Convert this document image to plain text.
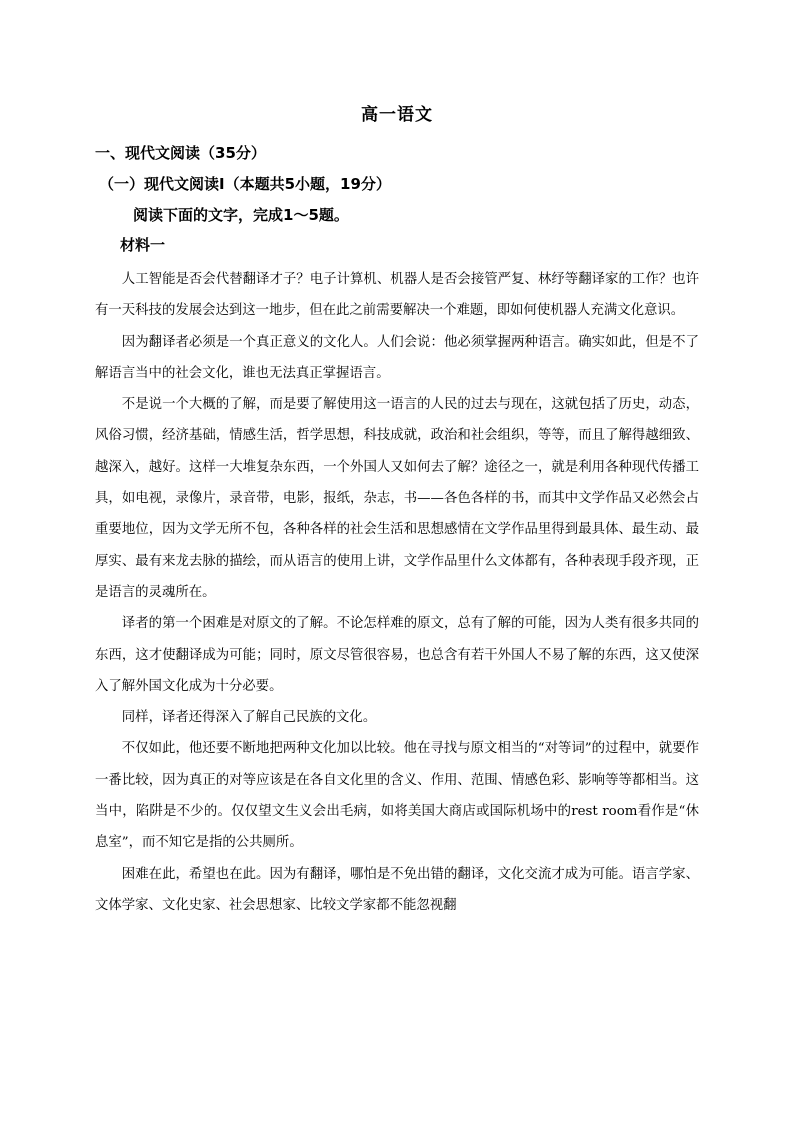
高一语文
一、现代文阅读（35分）
（一）现代文阅读Ⅰ（本题共5小题，19分）
阅读下面的文字，完成1～5题。
材料一

人工智能是否会代替翻译才子？电子计算机、机器人是否会接管严复、林纾等翻译家的工作？也许有一天科技的发展会达到这一地步，但在此之前需要解决一个难题，即如何使机器人充满文化意识。

因为翻译者必须是一个真正意义的文化人。人们会说：他必须掌握两种语言。确实如此，但是不了解语言当中的社会文化，谁也无法真正掌握语言。

不是说一个大概的了解，而是要了解使用这一语言的人民的过去与现在，这就包括了历史，动态，风俗习惯，经济基础，情感生活，哲学思想，科技成就，政治和社会组织，等等，而且了解得越细致、越深入，越好。这样一大堆复杂东西，一个外国人又如何去了解？途径之一，就是利用各种现代传播工具，如电视，录像片，录音带，电影，报纸，杂志，书——各色各样的书，而其中文学作品又必然会占重要地位，因为文学无所不包，各种各样的社会生活和思想感情在文学作品里得到最具体、最生动、最厚实、最有来龙去脉的描绘，而从语言的使用上讲，文学作品里什么文体都有，各种表现手段齐现，正是语言的灵魂所在。

译者的第一个困难是对原文的了解。不论怎样难的原文，总有了解的可能，因为人类有很多共同的东西，这才使翻译成为可能；同时，原文尽管很容易，也总含有若干外国人不易了解的东西，这又使深入了解外国文化成为十分必要。

同样，译者还得深入了解自己民族的文化。

不仅如此，他还要不断地把两种文化加以比较。他在寻找与原文相当的“对等词”的过程中，就要作一番比较，因为真正的对等应该是在各自文化里的含义、作用、范围、情感色彩、影响等等都相当。这当中，陷阱是不少的。仅仅望文生义会出毛病，如将美国大商店或国际机场中的rest room看作是“休息室”，而不知它是指的公共厕所。

困难在此，希望也在此。因为有翻译，哪怕是不免出错的翻译，文化交流才成为可能。语言学家、文体学家、文化史家、社会思想家、比较文学家都不能忽视翻
